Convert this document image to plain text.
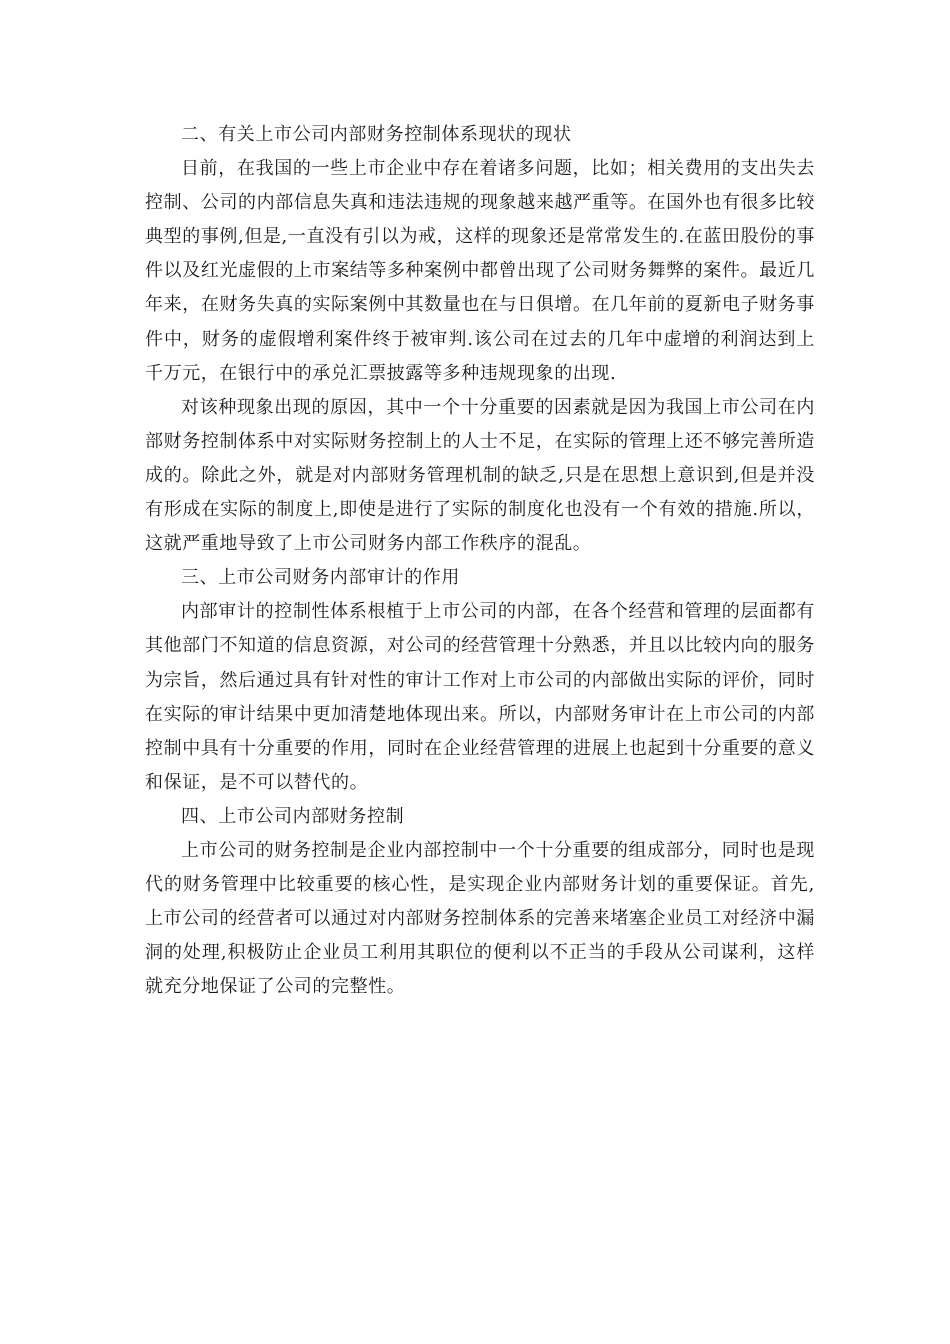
二、有关上市公司内部财务控制体系现状的现状

日前，在我国的一些上市企业中存在着诸多问题，比如；相关费用的支出失去控制、公司的内部信息失真和违法违规的现象越来越严重等。在国外也有很多比较典型的事例,但是,一直没有引以为戒，这样的现象还是常常发生的.在蓝田股份的事件以及红光虚假的上市案结等多种案例中都曾出现了公司财务舞弊的案件。最近几年来，在财务失真的实际案例中其数量也在与日俱增。在几年前的夏新电子财务事件中，财务的虚假增利案件终于被审判.该公司在过去的几年中虚增的利润达到上千万元，在银行中的承兑汇票披露等多种违规现象的出现.

对该种现象出现的原因，其中一个十分重要的因素就是因为我国上市公司在内部财务控制体系中对实际财务控制上的人士不足，在实际的管理上还不够完善所造成的。除此之外，就是对内部财务管理机制的缺乏,只是在思想上意识到,但是并没有形成在实际的制度上,即使是进行了实际的制度化也没有一个有效的措施.所以，这就严重地导致了上市公司财务内部工作秩序的混乱。

三、上市公司财务内部审计的作用

内部审计的控制性体系根植于上市公司的内部，在各个经营和管理的层面都有其他部门不知道的信息资源，对公司的经营管理十分熟悉，并且以比较内向的服务为宗旨，然后通过具有针对性的审计工作对上市公司的内部做出实际的评价，同时在实际的审计结果中更加清楚地体现出来。所以，内部财务审计在上市公司的内部控制中具有十分重要的作用，同时在企业经营管理的进展上也起到十分重要的意义和保证，是不可以替代的。

四、上市公司内部财务控制

上市公司的财务控制是企业内部控制中一个十分重要的组成部分，同时也是现代的财务管理中比较重要的核心性，是实现企业内部财务计划的重要保证。首先,上市公司的经营者可以通过对内部财务控制体系的完善来堵塞企业员工对经济中漏洞的处理,积极防止企业员工利用其职位的便利以不正当的手段从公司谋利，这样就充分地保证了公司的完整性。
